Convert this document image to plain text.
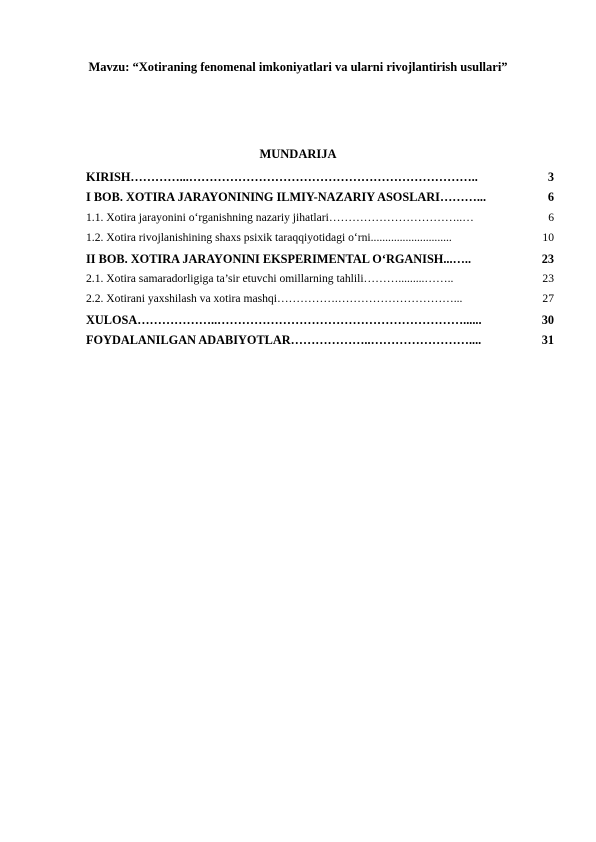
Mavzu: “Xotiraning fenomenal imkoniyatlari va ularni rivojlantirish usullari”
MUNDARIJA
KIRISH …………...……………………………………………………………..	3
I BOB. XOTIRA JARAYONINING ILMIY-NAZARIY ASOSLARI ………...	6
1.1. Xotira jarayonini oʻrganishning nazariy jihatlari ……………………………..…	6
1.2. Xotira rivojlanishining shaxs psixik taraqqiyotidagi oʻrni ............................	10
II BOB. XOTIRA JARAYONINI EKSPERIMENTAL OʻRGANISH ...…..	23
2.1. Xotira samaradorligiga ta’sir etuvchi omillarning tahlili ……….........……..	23
2.2. Xotirani yaxshilash va xotira mashqi …………….…………………………...	27
XULOSA ………………..……………………………………………………......	30
FOYDALANILGAN ADABIYOTLAR ………………..……………………....	31
